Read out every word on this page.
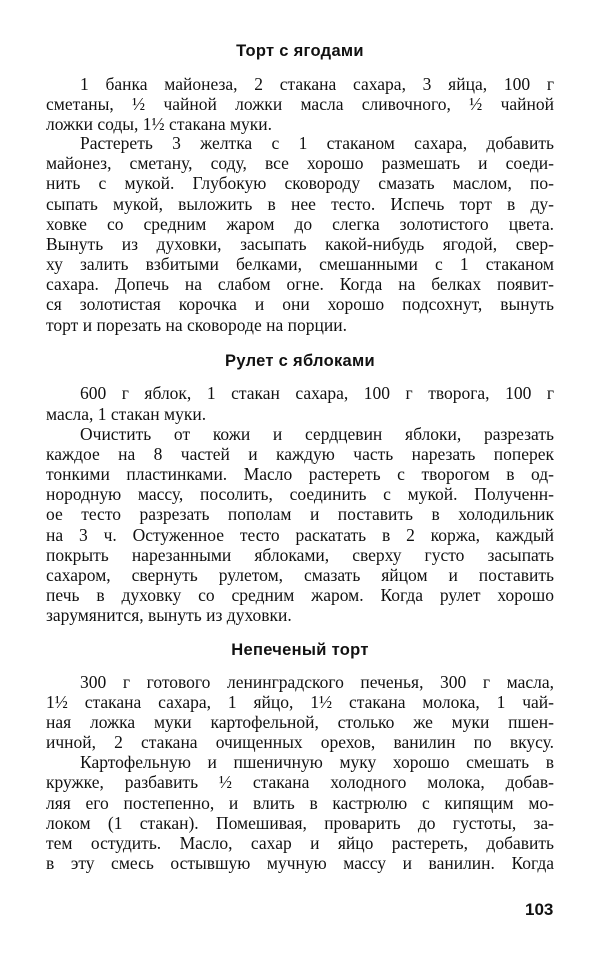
Торт с ягодами
1 банка майонеза, 2 стакана сахара, 3 яйца, 100 г
сметаны, ½ чайной ложки масла сливочного, ½ чайной
ложки соды, 1½ стакана муки.
Растереть 3 желтка с 1 стаканом сахара, добавить
майонез, сметану, соду, все хорошо размешать и соеди-
нить с мукой. Глубокую сковороду смазать маслом, по-
сыпать мукой, выложить в нее тесто. Испечь торт в ду-
ховке со средним жаром до слегка золотистого цвета.
Вынуть из духовки, засыпать какой-нибудь ягодой, свер-
ху залить взбитыми белками, смешанными с 1 стаканом
сахара. Допечь на слабом огне. Когда на белках появит-
ся золотистая корочка и они хорошо подсохнут, вынуть
торт и порезать на сковороде на порции.
Рулет с яблоками
600 г яблок, 1 стакан сахара, 100 г творога, 100 г
масла, 1 стакан муки.
Очистить от кожи и сердцевин яблоки, разрезать
каждое на 8 частей и каждую часть нарезать поперек
тонкими пластинками. Масло растереть с творогом в од-
нородную массу, посолить, соединить с мукой. Полученн-
ое тесто разрезать пополам и поставить в холодильник
на 3 ч. Остуженное тесто раскатать в 2 коржа, каждый
покрыть нарезанными яблоками, сверху густо засыпать
сахаром, свернуть рулетом, смазать яйцом и поставить
печь в духовку со средним жаром. Когда рулет хорошо
зарумянится, вынуть из духовки.
Непеченый торт
300 г готового ленинградского печенья, 300 г масла,
1½ стакана сахара, 1 яйцо, 1½ стакана молока, 1 чай-
ная ложка муки картофельной, столько же муки пшен-
ичной, 2 стакана очищенных орехов, ванилин по вкусу.
Картофельную и пшеничную муку хорошо смешать в
кружке, разбавить ½ стакана холодного молока, добав-
ляя его постепенно, и влить в кастрюлю с кипящим мо-
локом (1 стакан). Помешивая, проварить до густоты, за-
тем остудить. Масло, сахар и яйцо растереть, добавить
в эту смесь остывшую мучную массу и ванилин. Когда
103
